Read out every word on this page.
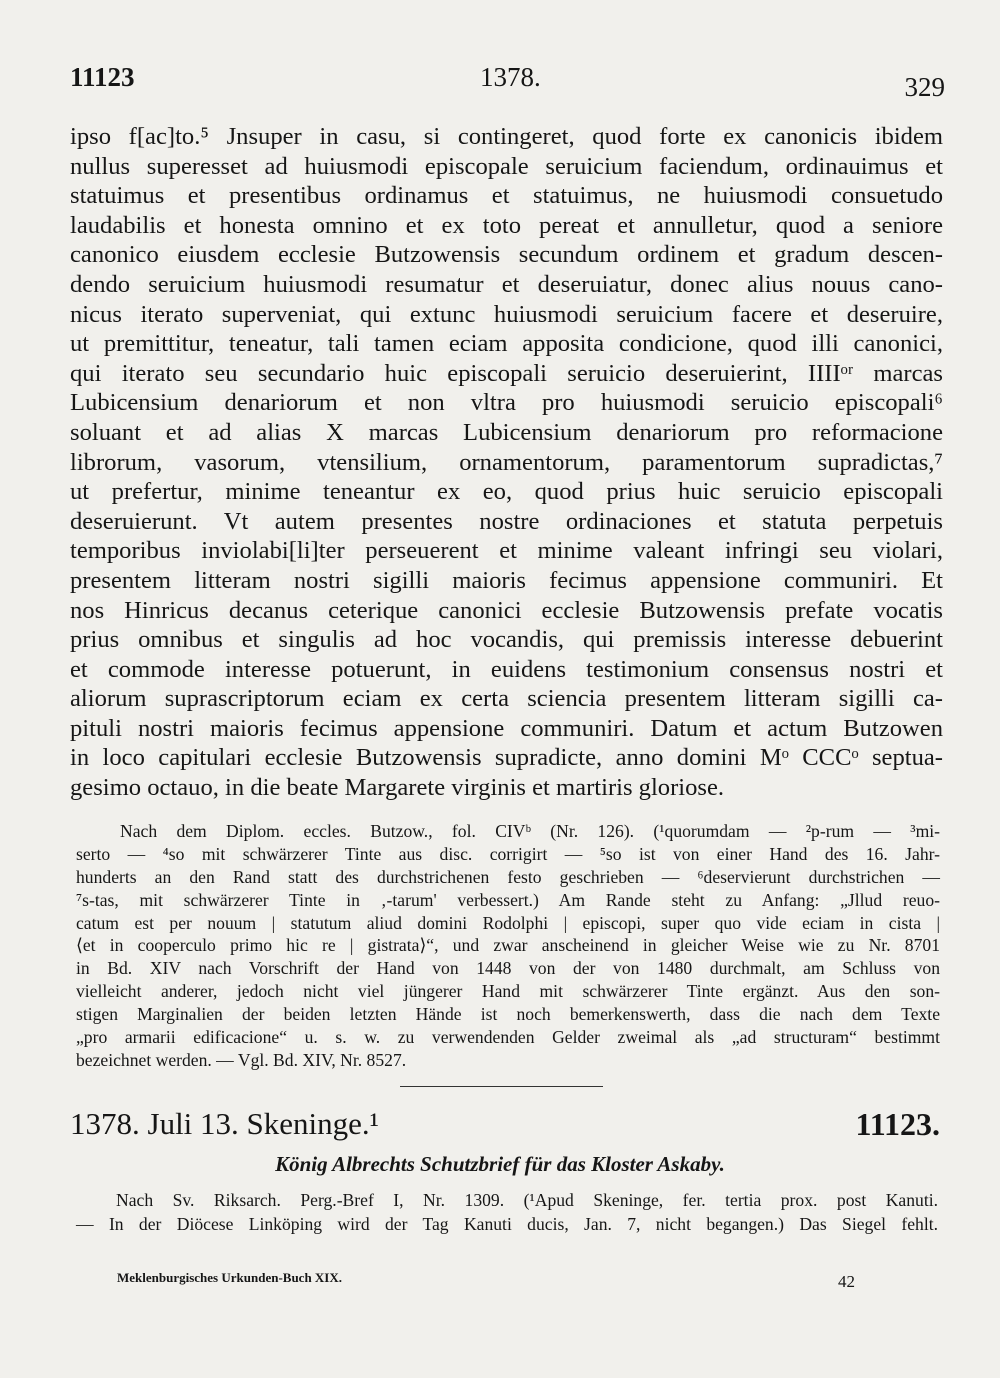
11123	1378.	329
ipso f[ac]to.⁵ Jnsuper in casu, si contingeret, quod forte ex canonicis ibidem
nullus superesset ad huiusmodi episcopale seruicium faciendum, ordinauimus et
statuimus et presentibus ordinamus et statuimus, ne huiusmodi consuetudo
laudabilis et honesta omnino et ex toto pereat et annulletur, quod a seniore
canonico eiusdem ecclesie Butzowensis secundum ordinem et gradum descen-
dendo seruicium huiusmodi resumatur et deseruiatur, donec alius nouus cano-
nicus iterato superveniat, qui extunc huiusmodi seruicium facere et deseruire,
ut premittitur, teneatur, tali tamen eciam apposita condicione, quod illi canonici,
qui iterato seu secundario huic episcopali seruicio deseruierint, IIIIᵒʳ marcas
Lubicensium denariorum et non vltra pro huiusmodi seruicio episcopali⁶
soluant et ad alias X marcas Lubicensium denariorum pro reformacione
librorum, vasorum, vtensilium, ornamentorum, paramentorum supradictas,⁷
ut prefertur, minime teneantur ex eo, quod prius huic seruicio episcopali
deseruierunt. Vt autem presentes nostre ordinaciones et statuta perpetuis
temporibus inviolabi[li]ter perseuerent et minime valeant infringi seu violari,
presentem litteram nostri sigilli maioris fecimus appensione communiri. Et
nos Hinricus decanus ceterique canonici ecclesie Butzowensis prefate vocatis
prius omnibus et singulis ad hoc vocandis, qui premissis interesse debuerint
et commode interesse potuerunt, in euidens testimonium consensus nostri et
aliorum suprascriptorum eciam ex certa sciencia presentem litteram sigilli ca-
pituli nostri maioris fecimus appensione communiri. Datum et actum Butzowen
in loco capitulari ecclesie Butzowensis supradicte, anno domini Mᵒ CCCᵒ septua-
gesimo octauo, in die beate Margarete virginis et martiris gloriose.
Nach dem Diplom. eccles. Butzow., fol. CIVᵇ (Nr. 126). (¹quorumdam — ²p-rum — ³mi-
serto — ⁴so mit schwärzerer Tinte aus disc. corrigirt — ⁵so ist von einer Hand des 16. Jahr-
hunderts an den Rand statt des durchstrichenen festo geschrieben — ⁶deservierunt durchstrichen —
⁷s-tas, mit schwärzerer Tinte in ‚-tarum' verbessert.) Am Rande steht zu Anfang: „Jllud reuo-
catum est per nouum | statutum aliud domini Rodolphi | episcopi, super quo vide eciam in cista |
⟨et in cooperculo primo hic re | gistrata⟩“, und zwar anscheinend in gleicher Weise wie zu Nr. 8701
in Bd. XIV nach Vorschrift der Hand von 1448 von der von 1480 durchmalt, am Schluss von
vielleicht anderer, jedoch nicht viel jüngerer Hand mit schwärzerer Tinte ergänzt. Aus den son-
stigen Marginalien der beiden letzten Hände ist noch bemerkenswerth, dass die nach dem Texte
„pro armarii edificacione“ u. s. w. zu verwendenden Gelder zweimal als „ad structuram“ bestimmt
bezeichnet werden. — Vgl. Bd. XIV, Nr. 8527.
1378. Juli 13. Skeninge.¹	11123.
König Albrechts Schutzbrief für das Kloster Askaby.
Nach Sv. Riksarch. Perg.-Bref I, Nr. 1309. (¹Apud Skeninge, fer. tertia prox. post Kanuti.
— In der Diöcese Linköping wird der Tag Kanuti ducis, Jan. 7, nicht begangen.) Das Siegel fehlt.
Meklenburgisches Urkunden-Buch XIX.	42
